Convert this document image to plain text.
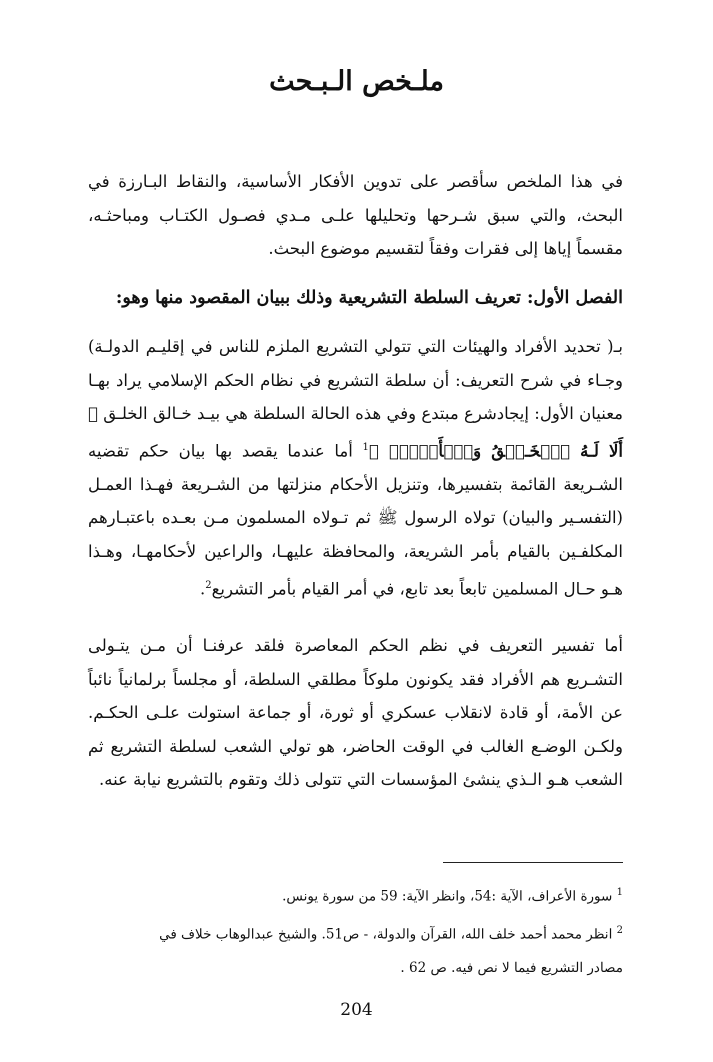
ملـخص الـبـحث

في هذا الملخص سأقصر على تدوين الأفكار الأساسية، والنقاط البـارزة في البحث، والتي سبق شـرحها وتحليلها علـى مـدي فصـول الكتـاب ومباحثـه، مقسماً إياها إلى فقرات وفقاً لتقسيم موضوع البحث.

الفصل الأول: تعريف السلطة التشريعية وذلك ببيان المقصود منها وهو:

بـ( تحديد الأفراد والهيئات التي تتولي التشريع الملزم للناس في إقليـم الدولـة) وجـاء في شرح التعريف: أن سلطة التشريع في نظام الحكم الإسلامي يراد بهـا معنيان الأول: إيجادشرع مبتدع وفي هذه الحالة السلطة هي بيـد خـالق الخلـق ﴿ أَلَا لَـهُ ٱلۡخَـلۡقُ وَٱلۡأَمۡرُۗ ﴾$^1$ أما عندما يقصد بها بيان حكم تقضيه الشـريعة القائمة بتفسيرها، وتنزيل الأحكام منزلتها من الشـريعة فهـذا العمـل (التفسـير والبيان) تولاه الرسول ﷺ ثم تـولاه المسلمون مـن بعـده باعتبـارهم المكلفـين بالقيام بأمر الشريعة، والمحافظة عليهـا، والراعين لأحكامهـا، وهـذا هـو حـال المسلمين تابعاً بعد تابع، في أمر القيام بأمر التشريع$^2$.

أما تفسير التعريف في نظم الحكم المعاصرة فلقد عرفنـا أن مـن يتـولى التشـريع هم الأفراد فقد يكونون ملوكاً مطلقي السلطة، أو مجلساً برلمانياً نائباً عن الأمة، أو قادة لانقلاب عسكري أو ثورة، أو جماعة استولت علـى الحكـم. ولكـن الوضـع الغالب في الوقت الحاضر، هو تولي الشعب لسلطة التشريع ثم الشعب هـو الـذي ينشئ المؤسسات التي تتولى ذلك وتقوم بالتشريع نيابة عنه.

$^1$ سورة الأعراف، الآية :54، وانظر الآية: 59 من سورة يونس.

$^2$ انظر محمد أحمد خلف الله، القرآن والدولة، - ص51. والشيخ عبدالوهاب خلاف في

مصادر التشريع فيما لا نص فيه. ص 62 .

204
